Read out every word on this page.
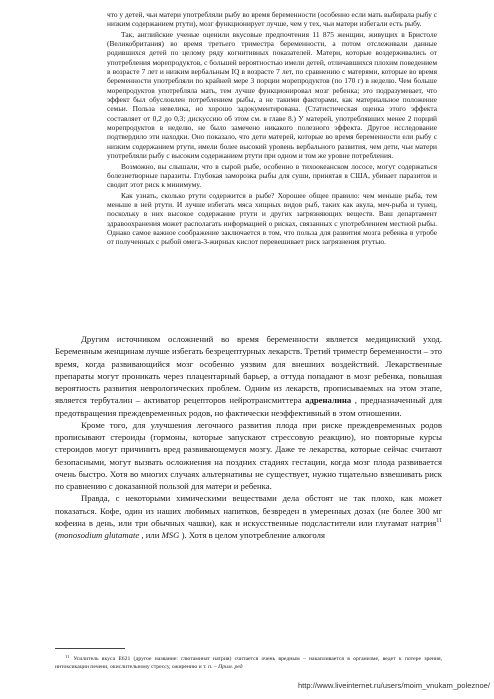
что у детей, чьи матери употребляли рыбу во время беременности (особенно если мать выбирала рыбу с низким содержанием ртути), мозг функционирует лучше, чем у тех, чьи матери избегали есть рыбу.

Так, английские ученые оценили вкусовые предпочтения 11 875 женщин, живущих в Бристоле (Великобритания) во время третьего триместра беременности, а потом отслеживали данные родившихся детей по целому ряду когнитивных показателей. Матери, которые воздерживались от употребления морепродуктов, с большей вероятностью имели детей, отличавшихся плохим поведением в возрасте 7 лет и низким вербальным IQ в возрасте 7 лет, по сравнению с матерями, которые во время беременности употребляли по крайней мере 3 порции морепродуктов (по 170 г) в неделю. Чем больше морепродуктов употребляла мать, тем лучше функционировал мозг ребенка; это подразумевает, что эффект был обусловлен потреблением рыбы, а не такими факторами, как материальное положение семьи. Польза невелика, но хорошо задокументирована. (Статистическая оценка этого эффекта составляет от 0,2 до 0,3; дискуссию об этом см. в главе 8.) У матерей, употреблявших менее 2 порций морепродуктов в неделю, не было замечено никакого полезного эффекта. Другое исследование подтвердило эти находки. Оно показало, что дети матерей, которые во время беременности ели рыбу с низким содержанием ртути, имели более высокий уровень вербального развития, чем дети, чьи матери употребляли рыбу с высоким содержанием ртути при одном и том же уровне потребления.

Возможно, вы слышали, что в сырой рыбе, особенно в тихоокеанском лососе, могут содержаться болезнетворные паразиты. Глубокая заморозка рыбы для суши, принятая в США, убивает паразитов и сводит этот риск к минимуму.

Как узнать, сколько ртути содержится в рыбе? Хорошее общее правило: чем меньше рыба, тем меньше в ней ртути. И лучше избегать мяса хищных видов рыб, таких как акула, меч-рыба и тунец, поскольку в них высокое содержание ртути и других загрязняющих веществ. Ваш департамент здравоохранения может располагать информацией о рисках, связанных с употреблением местной рыбы. Однако самое важное соображение заключается в том, что польза для развития мозга ребенка в утробе от полученных с рыбой омега-3-жирных кислот перевешивает риск загрязнения ртутью.

Другим источником осложнений во время беременности является медицинский уход. Беременным женщинам лучше избегать безрецептурных лекарств. Третий триместр беременности – это время, когда развивающийся мозг особенно уязвим для внешних воздействий. Лекарственные препараты могут проникать через плацентарный барьер, а оттуда попадают в мозг ребенка, повышая вероятность развития неврологических проблем. Одним из лекарств, прописываемых на этом этапе, является тербуталин – активатор рецепторов нейротрансмиттера адреналина , предназначенный для предотвращения преждевременных родов, но фактически неэффективный в этом отношении.

Кроме того, для улучшения легочного развития плода при риске преждевременных родов прописывают стероиды (гормоны, которые запускают стрессовую реакцию), но повторные курсы стероидов могут причинить вред развивающемуся мозгу. Даже те лекарства, которые сейчас считают безопасными, могут вызвать осложнения на поздних стадиях гестации, когда мозг плода развивается очень быстро. Хотя во многих случаях альтернативы не существует, нужно тщательно взвешивать риск по сравнению с доказанной пользой для матери и ребенка.

Правда, с некоторыми химическими веществами дела обстоят не так плохо, как может показаться. Кофе, один из наших любимых напитков, безвреден в умеренных дозах (не более 300 мг кофеина в день, или три обычных чашки), как и искусственные подсластители или глутамат натрия$^{11}$ (monosodium glutamate , или MSG ). Хотя в целом употребление алкоголя

$^{11}$ Усилитель вкуса Е621 (другое название: глютаминат натрия) считается очень вредным – накапливается в организме, ведет к потере зрения, интоксикации печени, окислительному стрессу, ожирению и т. п. – Прим. ред
http://www.liveinternet.ru/users/moim_vnukam_poleznoe/
